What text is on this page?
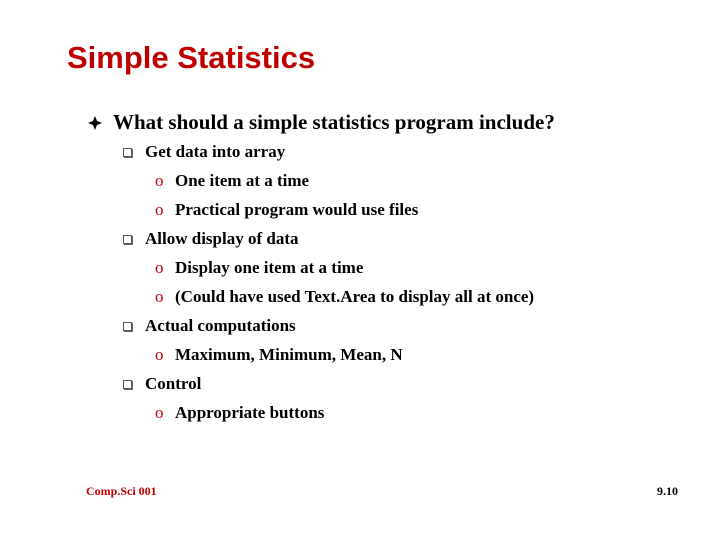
Simple Statistics
What should a simple statistics program include?
Get data into array
o One item at a time
o Practical program would use files
Allow display of data
o Display one item at a time
o (Could have used Text.Area to display all at once)
Actual computations
o Maximum, Minimum, Mean, N
Control
o Appropriate buttons
Comp.Sci 001	9.10
